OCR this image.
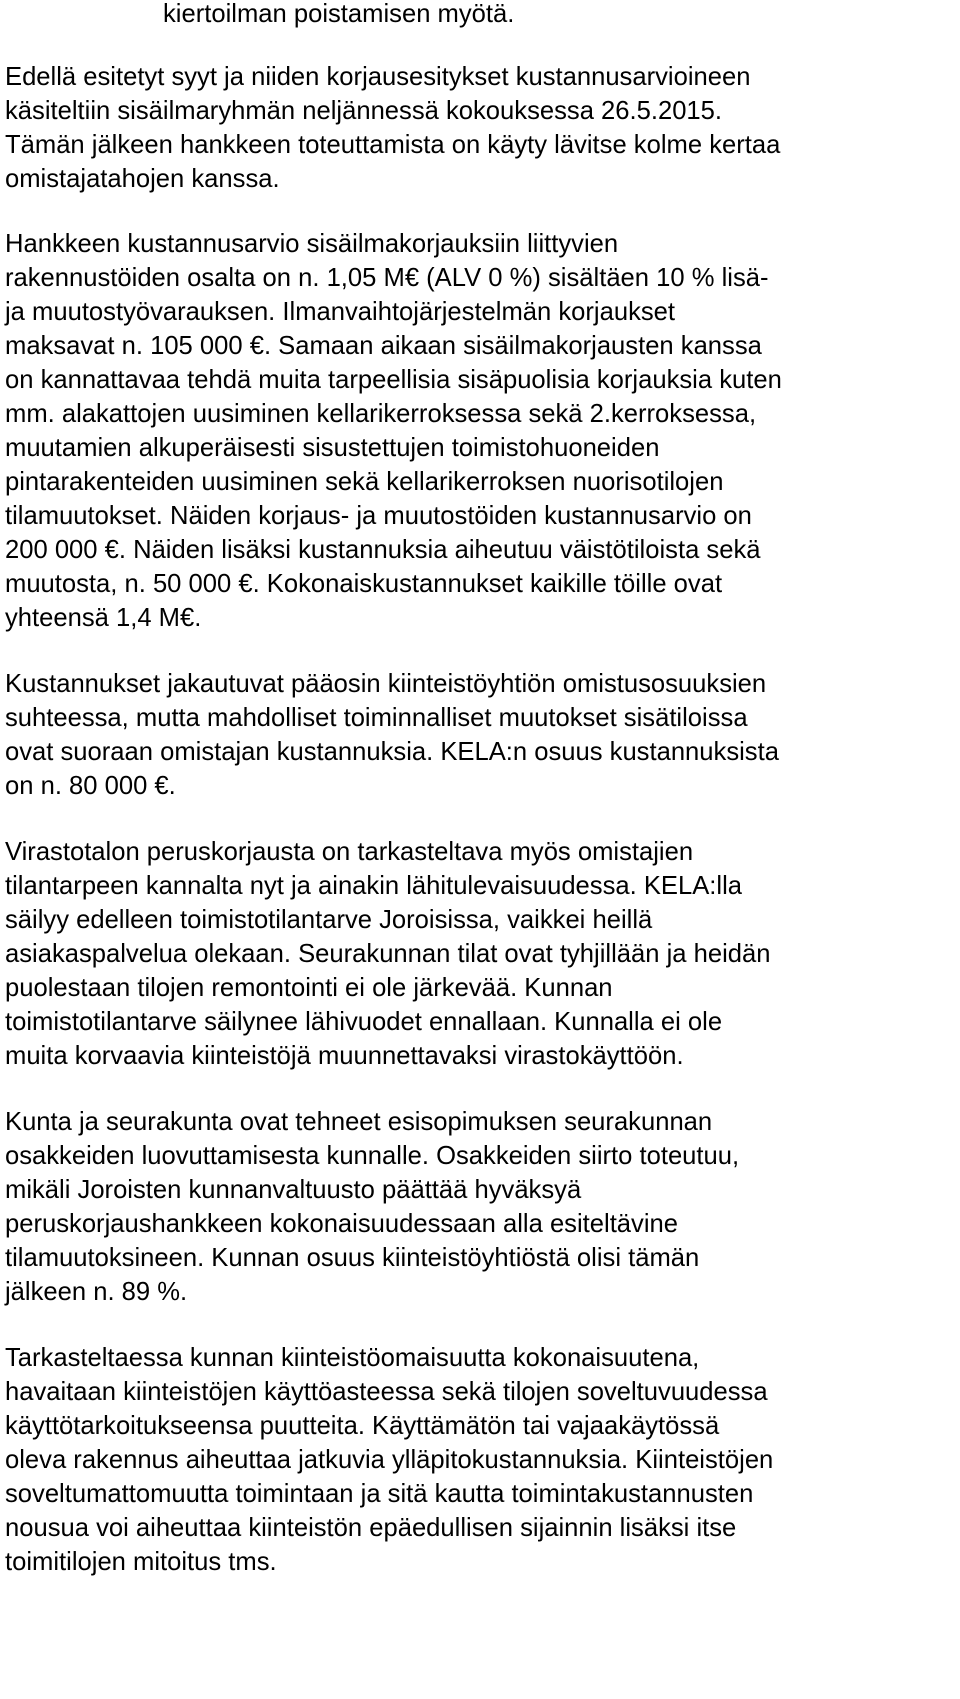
kiertoilman poistamisen myötä.
Edellä esitetyt syyt ja niiden korjausesitykset kustannusarvioineen
käsiteltiin sisäilmaryhmän neljännessä kokouksessa 26.5.2015.
Tämän jälkeen hankkeen toteuttamista on käyty lävitse kolme kertaa
omistajatahojen kanssa.
Hankkeen kustannusarvio sisäilmakorjauksiin liittyvien
rakennustöiden osalta on n. 1,05 M€ (ALV 0 %) sisältäen 10 % lisä-
ja muutostyövarauksen. Ilmanvaihtojärjestelmän korjaukset
maksavat n. 105 000 €. Samaan aikaan sisäilmakorjausten kanssa
on kannattavaa tehdä muita tarpeellisia sisäpuolisia korjauksia kuten
mm. alakattojen uusiminen kellarikerroksessa sekä 2.kerroksessa,
muutamien alkuperäisesti sisustettujen toimistohuoneiden
pintarakenteiden uusiminen sekä kellarikerroksen nuorisotilojen
tilamuutokset. Näiden korjaus- ja muutostöiden kustannusarvio on
200 000 €. Näiden lisäksi kustannuksia aiheutuu väistötiloista sekä
muutosta, n. 50 000 €. Kokonaiskustannukset kaikille töille ovat
yhteensä 1,4 M€.
Kustannukset jakautuvat pääosin kiinteistöyhtiön omistusosuuksien
suhteessa, mutta mahdolliset toiminnalliset muutokset sisätiloissa
ovat suoraan omistajan kustannuksia. KELA:n osuus kustannuksista
on n. 80 000 €.
Virastotalon peruskorjausta on tarkasteltava myös omistajien
tilantarpeen kannalta nyt ja ainakin lähitulevaisuudessa. KELA:lla
säilyy edelleen toimistotilantarve Joroisissa, vaikkei heillä
asiakaspalvelua olekaan. Seurakunnan tilat ovat tyhjillään ja heidän
puolestaan tilojen remontointi ei ole järkevää. Kunnan
toimistotilantarve säilynee lähivuodet ennallaan. Kunnalla ei ole
muita korvaavia kiinteistöjä muunnettavaksi virastokäyttöön.
Kunta ja seurakunta ovat tehneet esisopimuksen seurakunnan
osakkeiden luovuttamisesta kunnalle. Osakkeiden siirto toteutuu,
mikäli Joroisten kunnanvaltuusto päättää hyväksyä
peruskorjaushankkeen kokonaisuudessaan alla esiteltävine
tilamuutoksineen. Kunnan osuus kiinteistöyhtiöstä olisi tämän
jälkeen n. 89 %.
Tarkasteltaessa kunnan kiinteistöomaisuutta kokonaisuutena,
havaitaan kiinteistöjen käyttöasteessa sekä tilojen soveltuvuudessa
käyttötarkoitukseensa puutteita. Käyttämätön tai vajaakäytössä
oleva rakennus aiheuttaa jatkuvia ylläpitokustannuksia. Kiinteistöjen
soveltumattomuutta toimintaan ja sitä kautta toimintakustannusten
nousua voi aiheuttaa kiinteistön epäedullisen sijainnin lisäksi itse
toimitilojen mitoitus tms.
